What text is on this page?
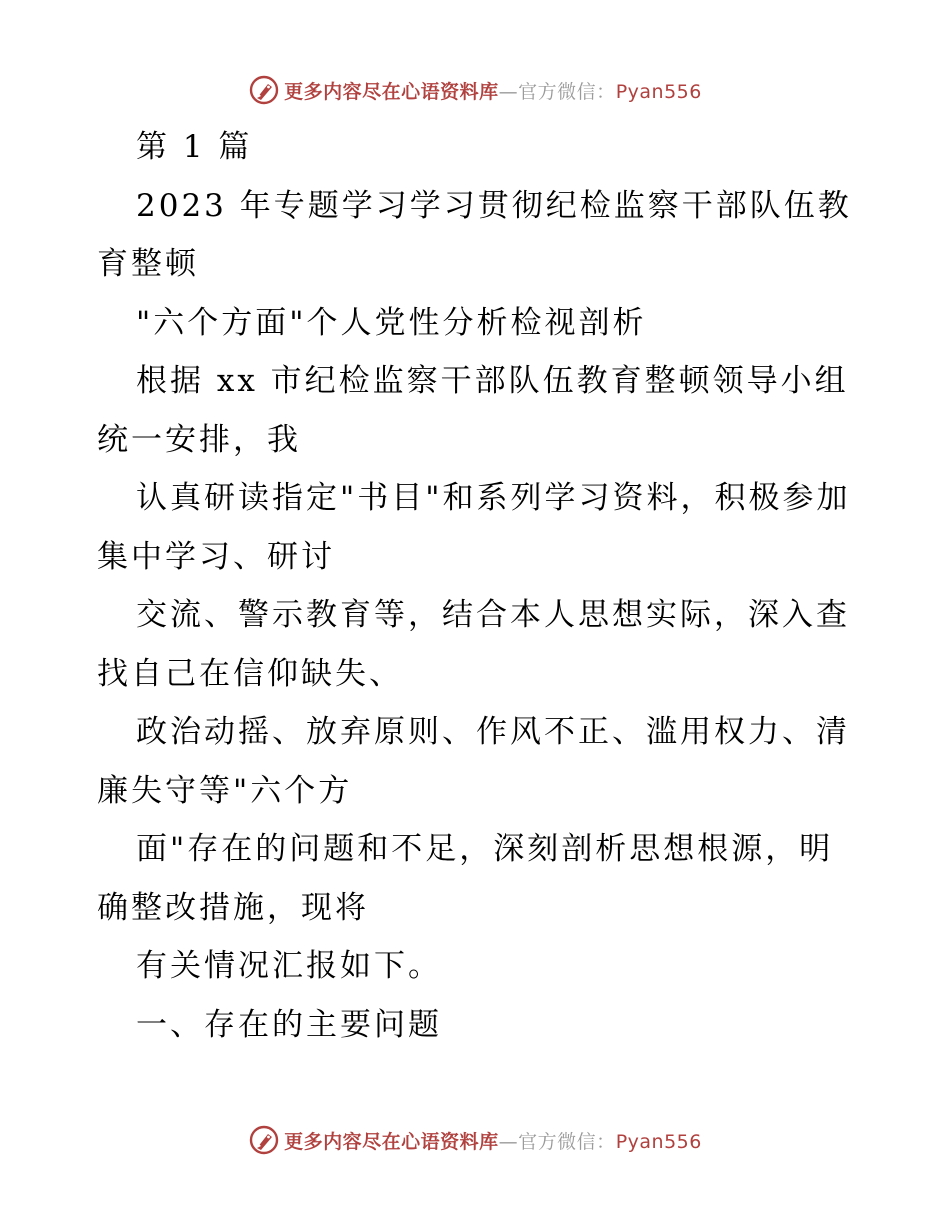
更多内容尽在心语资料库—官方微信：Pyan556
第 1 篇
2023 年专题学习学习贯彻纪检监察干部队伍教
育整顿
"六个方面"个人党性分析检视剖析
根据 xx 市纪检监察干部队伍教育整顿领导小组
统一安排，我
认真研读指定"书目"和系列学习资料，积极参加
集中学习、研讨
交流、警示教育等，结合本人思想实际，深入查
找自己在信仰缺失、
政治动摇、放弃原则、作风不正、滥用权力、清
廉失守等"六个方
面"存在的问题和不足，深刻剖析思想根源，明
确整改措施，现将
有关情况汇报如下。
一、存在的主要问题
更多内容尽在心语资料库—官方微信：Pyan556
